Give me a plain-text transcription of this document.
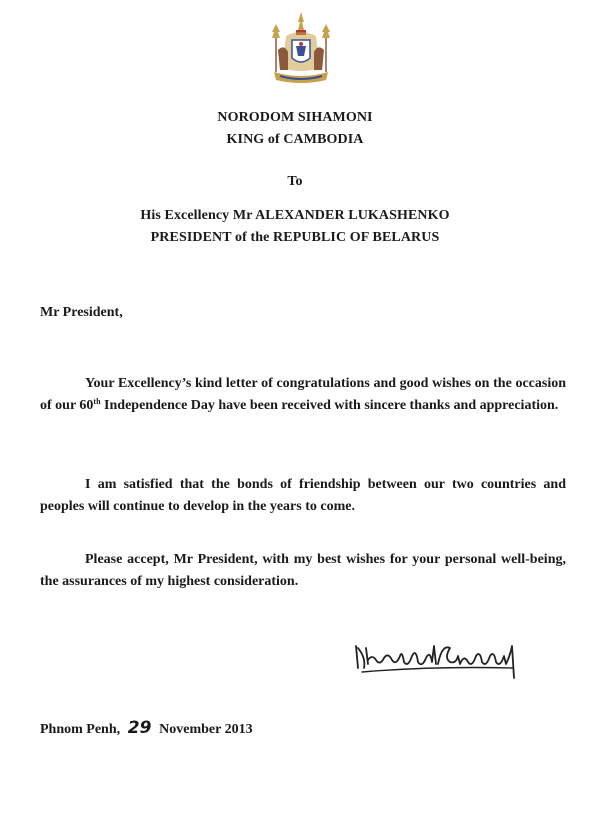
NORODOM SIHAMONI
KING of CAMBODIA
To
His Excellency Mr ALEXANDER LUKASHENKO
PRESIDENT of the REPUBLIC OF BELARUS

Mr President,

Your Excellency’s kind letter of congratulations and good wishes on the occasion of our 60th Independence Day have been received with sincere thanks and appreciation.

I am satisfied that the bonds of friendship between our two countries and peoples will continue to develop in the years to come.

Please accept, Mr President, with my best wishes for your personal well-being, the assurances of my highest consideration.

Phnom Penh, 29 November 2013
